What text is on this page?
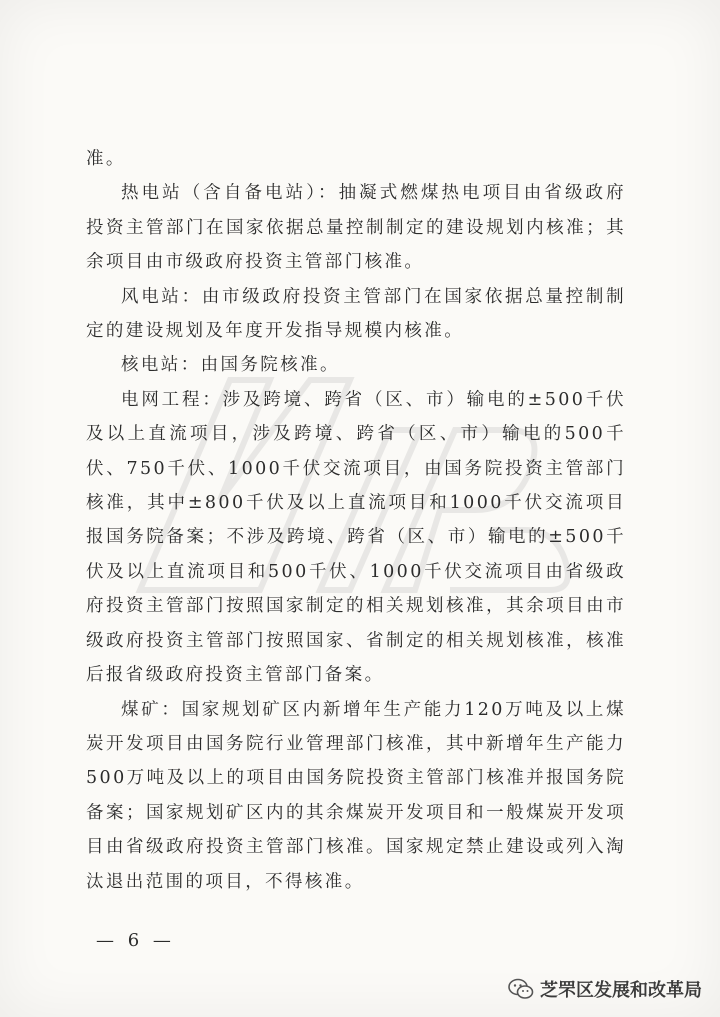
准。

热电站（含自备电站）：抽凝式燃煤热电项目由省级政府投资主管部门在国家依据总量控制制定的建设规划内核准；其余项目由市级政府投资主管部门核准。

风电站：由市级政府投资主管部门在国家依据总量控制制定的建设规划及年度开发指导规模内核准。

核电站：由国务院核准。

电网工程：涉及跨境、跨省（区、市）输电的±500千伏及以上直流项目，涉及跨境、跨省（区、市）输电的500千伏、750千伏、1000千伏交流项目，由国务院投资主管部门核准，其中±800千伏及以上直流项目和1000千伏交流项目报国务院备案；不涉及跨境、跨省（区、市）输电的±500千伏及以上直流项目和500千伏、1000千伏交流项目由省级政府投资主管部门按照国家制定的相关规划核准，其余项目由市级政府投资主管部门按照国家、省制定的相关规划核准，核准后报省级政府投资主管部门备案。

煤矿：国家规划矿区内新增年生产能力120万吨及以上煤炭开发项目由国务院行业管理部门核准，其中新增年生产能力500万吨及以上的项目由国务院投资主管部门核准并报国务院备案；国家规划矿区内的其余煤炭开发项目和一般煤炭开发项目由省级政府投资主管部门核准。国家规定禁止建设或列入淘汰退出范围的项目，不得核准。

— 6 —
芝罘区发展和改革局
